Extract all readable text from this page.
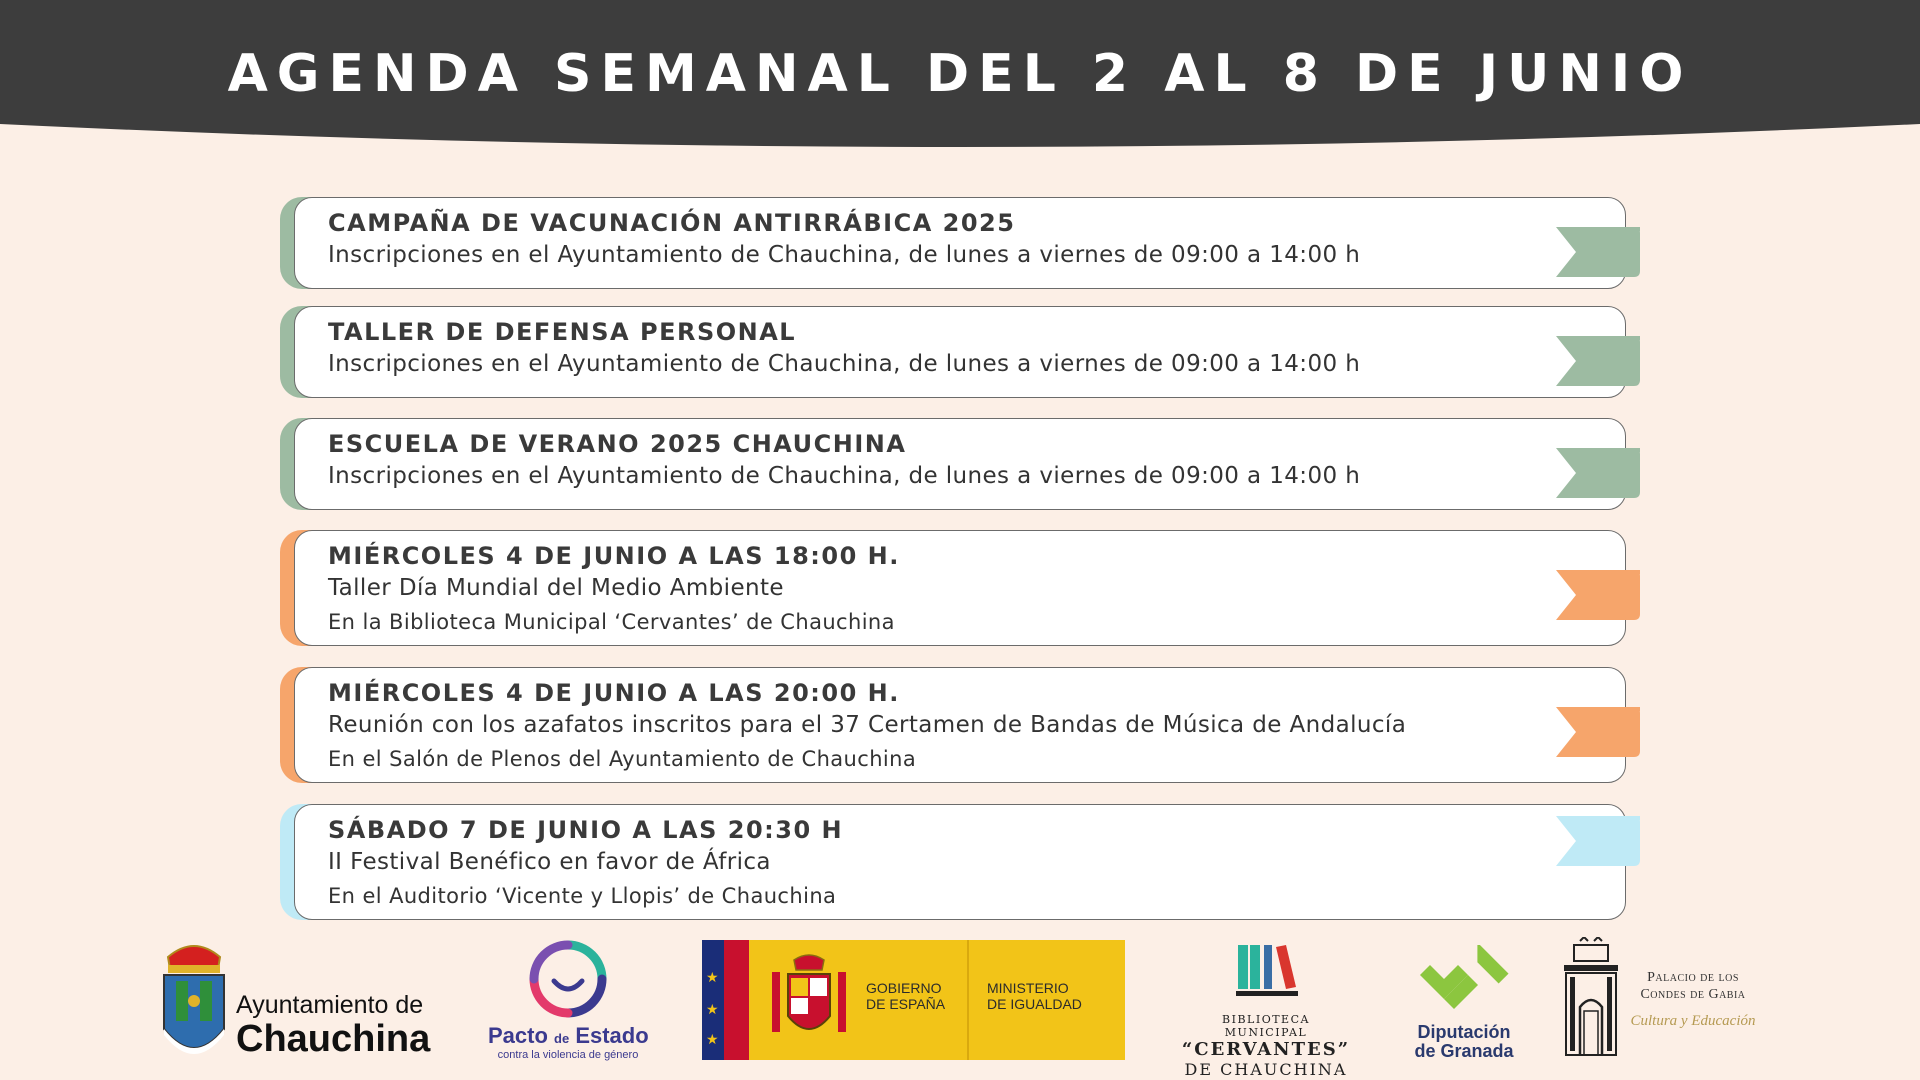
AGENDA SEMANAL DEL 2 AL 8 DE JUNIO
CAMPAÑA DE VACUNACIÓN ANTIRRÁBICA 2025
Inscripciones en el Ayuntamiento de Chauchina, de lunes a viernes de 09:00 a 14:00 h
TALLER DE DEFENSA PERSONAL
Inscripciones en el Ayuntamiento de Chauchina, de lunes a viernes de 09:00 a 14:00 h
ESCUELA DE VERANO 2025 CHAUCHINA
Inscripciones en el Ayuntamiento de Chauchina, de lunes a viernes de 09:00 a 14:00 h
MIÉRCOLES 4 DE JUNIO A LAS 18:00 H.
Taller Día Mundial del Medio Ambiente
En la Biblioteca Municipal ‘Cervantes’ de Chauchina
MIÉRCOLES 4 DE JUNIO A LAS 20:00 H.
Reunión con los azafatos inscritos para el 37 Certamen de Bandas de Música de Andalucía
En el Salón de Plenos del Ayuntamiento de Chauchina
SÁBADO 7 DE JUNIO A LAS 20:30 H
II Festival Benéfico en favor de África
En el Auditorio ‘Vicente y Llopis’ de Chauchina
Ayuntamiento de
Chauchina	Pacto de Estado
contra la violencia de género
★
★
★
GOBIERNO
DE ESPAÑA
MINISTERIO
DE IGUALDAD
BIBLIOTECA MUNICIPAL
“CERVANTES”
DE CHAUCHINA
Diputación
de Granada
Palacio de los
Condes de Gabia
Cultura y Educación
